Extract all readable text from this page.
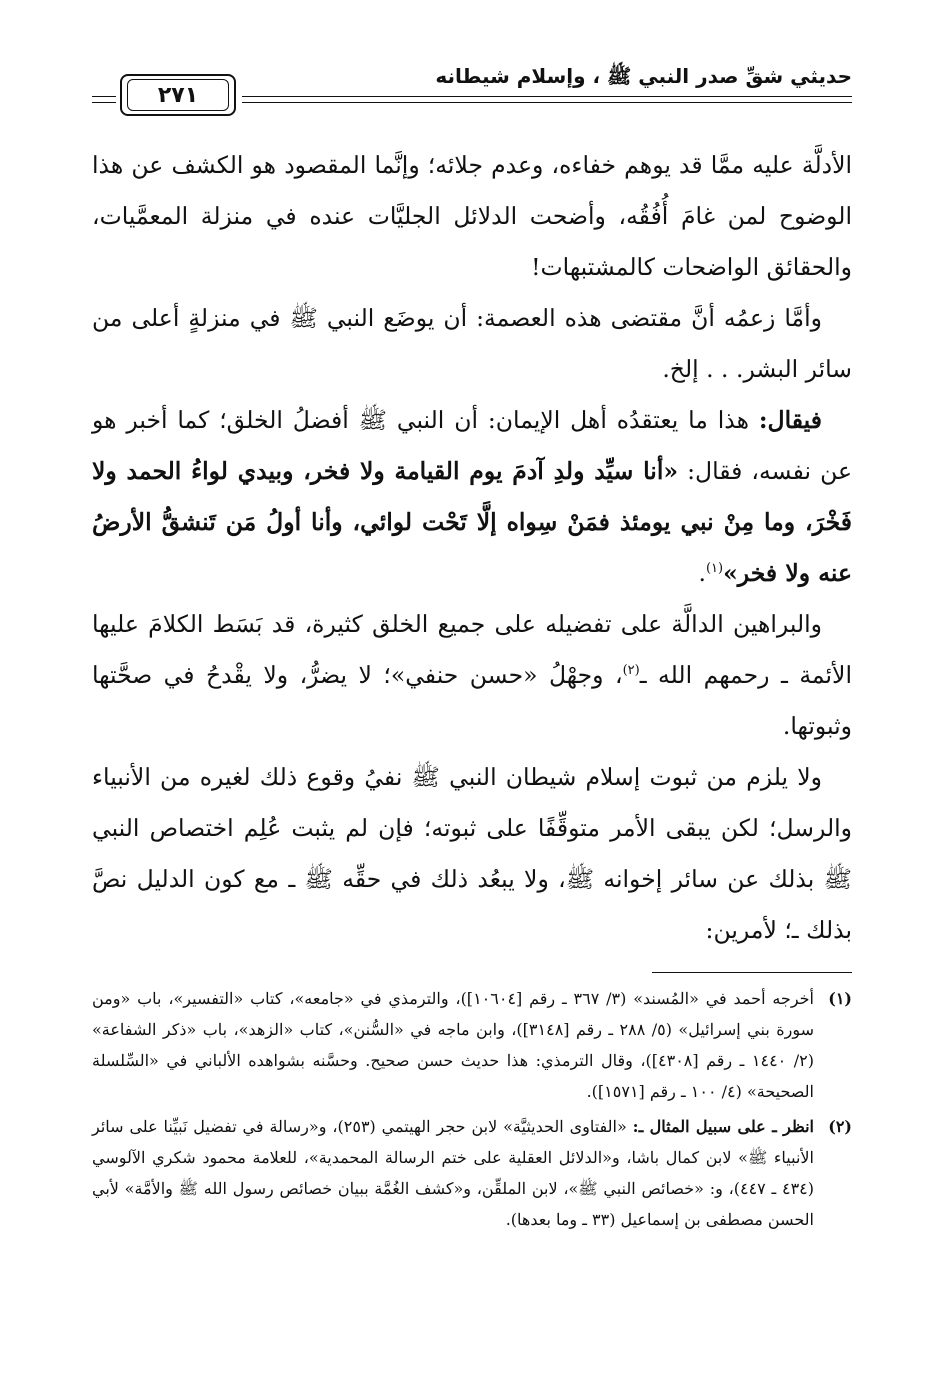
حديثي شقِّ صدر النبي ﷺ ، وإسلام شيطانه
٢٧١

الأدلَّة عليه ممَّا قد يوهم خفاءه، وعدم جلائه؛ وإنَّما المقصود هو الكشف عن هذا الوضوح لمن غامَ أُفُقُه، وأضحت الدلائل الجليَّات عنده في منزلة المعمَّيات، والحقائق الواضحات كالمشتبهات!

وأمَّا زعمُه أنَّ مقتضى هذه العصمة: أن يوضَع النبي ﷺ في منزلةٍ أعلى من سائر البشر. . . إلخ.

فيقال: هذا ما يعتقدُه أهل الإيمان: أن النبي ﷺ أفضلُ الخلق؛ كما أخبر هو عن نفسه، فقال: «أنا سيِّد ولدِ آدمَ يوم القيامة ولا فخر، وبيدي لواءُ الحمد ولا فَخْرَ، وما مِنْ نبي يومئذ فمَنْ سِواه إلَّا تَحْت لوائي، وأنا أولُ مَن تَنشقُّ الأرضُ عنه ولا فخر»$^{(١)}$.

والبراهين الدالَّة على تفضيله على جميع الخلق كثيرة، قد بَسَط الكلامَ عليها الأئمة ـ رحمهم الله ـ$^{(٢)}$، وجهْلُ «حسن حنفي»؛ لا يضرُّ، ولا يقْدحُ في صحَّتها وثبوتها.

ولا يلزم من ثبوت إسلام شيطان النبي ﷺ نفيُ وقوع ذلك لغيره من الأنبياء والرسل؛ لكن يبقى الأمر متوقِّفًا على ثبوته؛ فإن لم يثبت عُلِم اختصاص النبي ﷺ بذلك عن سائر إخوانه ﷺ، ولا يبعُد ذلك في حقِّه ﷺ ـ مع كون الدليل نصَّ بذلك ـ؛ لأمرين:

(١)
أخرجه أحمد في «المُسند» (٣/ ٣٦٧ ـ رقم [١٠٦٠٤])، والترمذي في «جامعه»، كتاب «التفسير»، باب «ومن سورة بني إسرائيل» (٥/ ٢٨٨ ـ رقم [٣١٤٨])، وابن ماجه في «السُّنن»، كتاب «الزهد»، باب «ذكر الشفاعة» (٢/ ١٤٤٠ ـ رقم [٤٣٠٨])، وقال الترمذي: هذا حديث حسن صحيح. وحسَّنه بشواهده الألباني في «السِّلسلة الصحيحة» (٤/ ١٠٠ ـ رقم [١٥٧١]).
(٢)
انظر ـ على سبيل المثال ـ: «الفتاوى الحديثيَّة» لابن حجر الهيتمي (٢٥٣)، و«رسالة في تفضيل نَبيِّنا على سائر الأنبياء ﷺ» لابن كمال باشا، و«الدلائل العقلية على ختم الرسالة المحمدية»، للعلامة محمود شكري الآلوسي (٤٣٤ ـ ٤٤٧)، و: «خصائص النبي ﷺ»، لابن الملقِّن، و«كشف الغُمَّة ببيان خصائص رسول الله ﷺ والأمَّة» لأبي الحسن مصطفى بن إسماعيل (٣٣ ـ وما بعدها).
